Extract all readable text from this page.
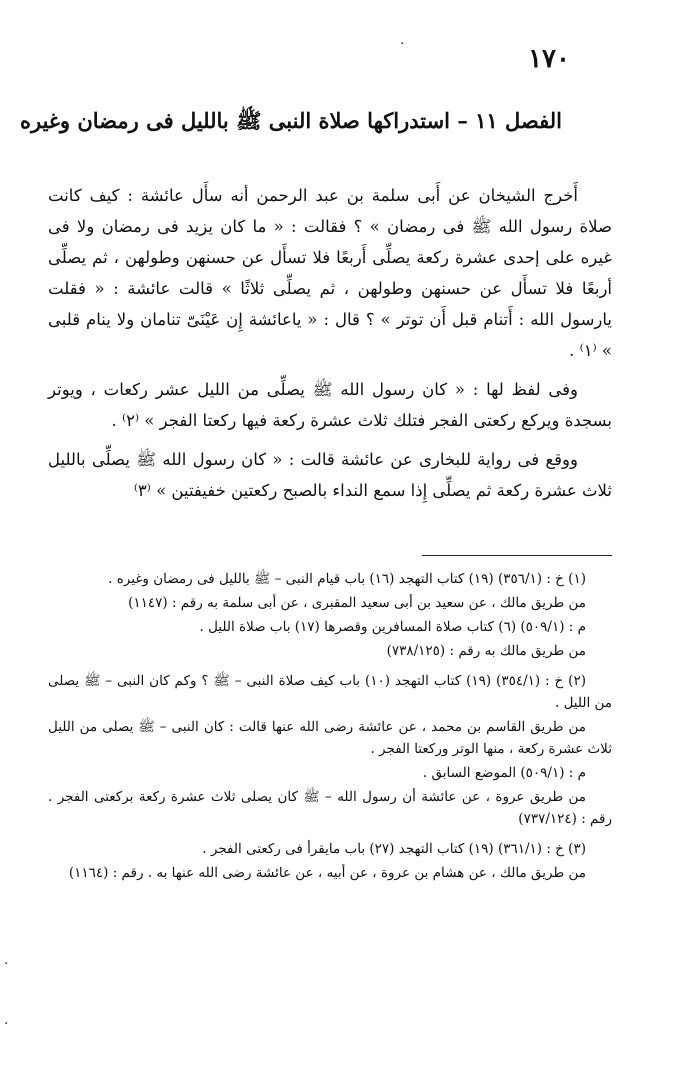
١٧٠
الفصل ١١ – استدراكها صلاة النبى ﷺ بالليل فى رمضان وغيره

أَخرج الشيخان عن أَبى سلمة بن عبد الرحمن أنه سأَل عائشة : كيف كانت صلاة رسول الله ﷺ فى رمضان » ؟ فقالت : « ما كان يزيد فى رمضان ولا فى غيره على إحدى عشرة ركعة يصلِّى أَربعًا فلا تسأَل عن حسنهن وطولهن ، ثم يصلِّى أربعًا فلا تسأَل عن حسنهن وطولهن ، ثم يصلِّى ثلاثًا » قالت عائشة : « فقلت يارسول الله : أَتنام قبل أَن توتر » ؟ قال : « ياعائشة إِن عَيْنَىّ تنامان ولا ينام قلبى » ⁽١⁾ .

وفى لفظ لها : « كان رسول الله ﷺ يصلِّى من الليل عشر ركعات ، ويوتر بسجدة ويركع ركعتى الفجر فتلك ثلاث عشرة ركعة فيها ركعتا الفجر » ⁽٢⁾ .

ووقع فى رواية للبخارى عن عائشة قالت : « كان رسول الله ﷺ يصلِّى بالليل ثلاث عشرة ركعة ثم يصلِّى إِذا سمع النداء بالصبح ركعتين خفيفتين » ⁽٣⁾

(١) خ : (٣٥٦/١) (١٩) كتاب التهجد (١٦) باب قيام النبى – ﷺ بالليل فى رمضان وغيره .
من طريق مالك ، عن سعيد بن أبى سعيد المقبرى ، عن أبى سلمة به رقم : (١١٤٧)
م : (٥٠٩/١) (٦) كتاب صلاة المسافرين وقصرها (١٧) باب صلاة الليل .
من طريق مالك به رقم : (٧٣٨/١٢٥)
(٢) خ : (٣٥٤/١) (١٩) كتاب التهجد (١٠) باب كيف صلاة النبى – ﷺ ؟ وكم كان النبى – ﷺ يصلى من الليل .
من طريق القاسم بن محمد ، عن عائشة رضى الله عنها قالت : كان النبى – ﷺ يصلى من الليل ثلاث عشرة ركعة ، منها الوتر وركعتا الفجر .
م : (٥٠٩/١) الموضع السابق .
من طريق عروة ، عن عائشة أن رسول الله – ﷺ كان يصلى ثلاث عشرة ركعة بركعتى الفجر . رقم : (٧٣٧/١٢٤)
(٣) خ : (٣٦١/١) (١٩) كتاب التهجد (٢٧) باب مايقرأ فى ركعتى الفجر .
من طريق مالك ، عن هشام بن عروة ، عن أبيه ، عن عائشة رضى الله عنها به . رقم : (١١٦٤)
·
·
·
